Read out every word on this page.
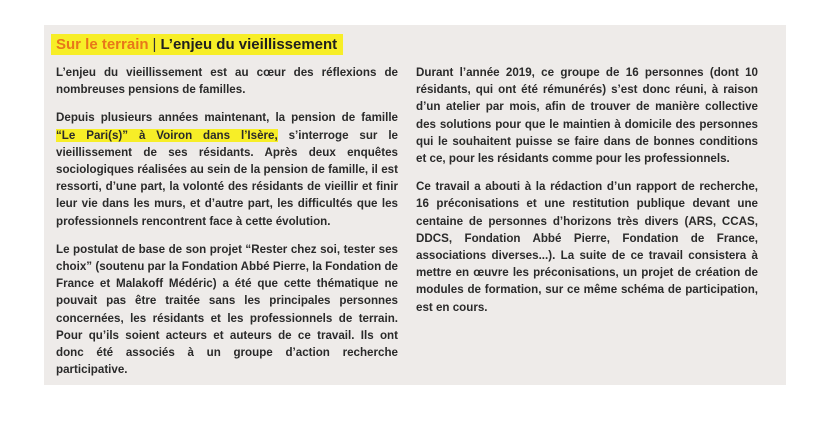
Sur le terrain | L’enjeu du vieillissement

L’enjeu du vieillissement est au cœur des réflexions de nombreuses pensions de familles.

Depuis plusieurs années maintenant, la pension de famille “Le Pari(s)” à Voiron dans l’Isère, s’interroge sur le vieillissement de ses résidants. Après deux enquêtes sociologiques réalisées au sein de la pension de famille, il est ressorti, d’une part, la volonté des résidants de vieillir et finir leur vie dans les murs, et d’autre part, les difficultés que les professionnels rencontrent face à cette évolution.

Le postulat de base de son projet “Rester chez soi, tester ses choix” (soutenu par la Fondation Abbé Pierre, la Fondation de France et Malakoff Médéric) a été que cette thématique ne pouvait pas être traitée sans les principales personnes concernées, les résidants et les professionnels de terrain. Pour qu’ils soient acteurs et auteurs de ce travail. Ils ont donc été associés à un groupe d’action recherche participative.

Durant l’année 2019, ce groupe de 16 personnes (dont 10 résidants, qui ont été rémunérés) s’est donc réuni, à raison d’un atelier par mois, afin de trouver de manière collective des solutions pour que le maintien à domicile des personnes qui le souhaitent puisse se faire dans de bonnes conditions et ce, pour les résidants comme pour les professionnels.

Ce travail a abouti à la rédaction d’un rapport de recherche, 16 préconisations et une restitution publique devant une centaine de personnes d’horizons très divers (ARS, CCAS, DDCS, Fondation Abbé Pierre, Fondation de France, associations diverses...). La suite de ce travail consistera à mettre en œuvre les préconisations, un projet de création de modules de formation, sur ce même schéma de participation, est en cours.
